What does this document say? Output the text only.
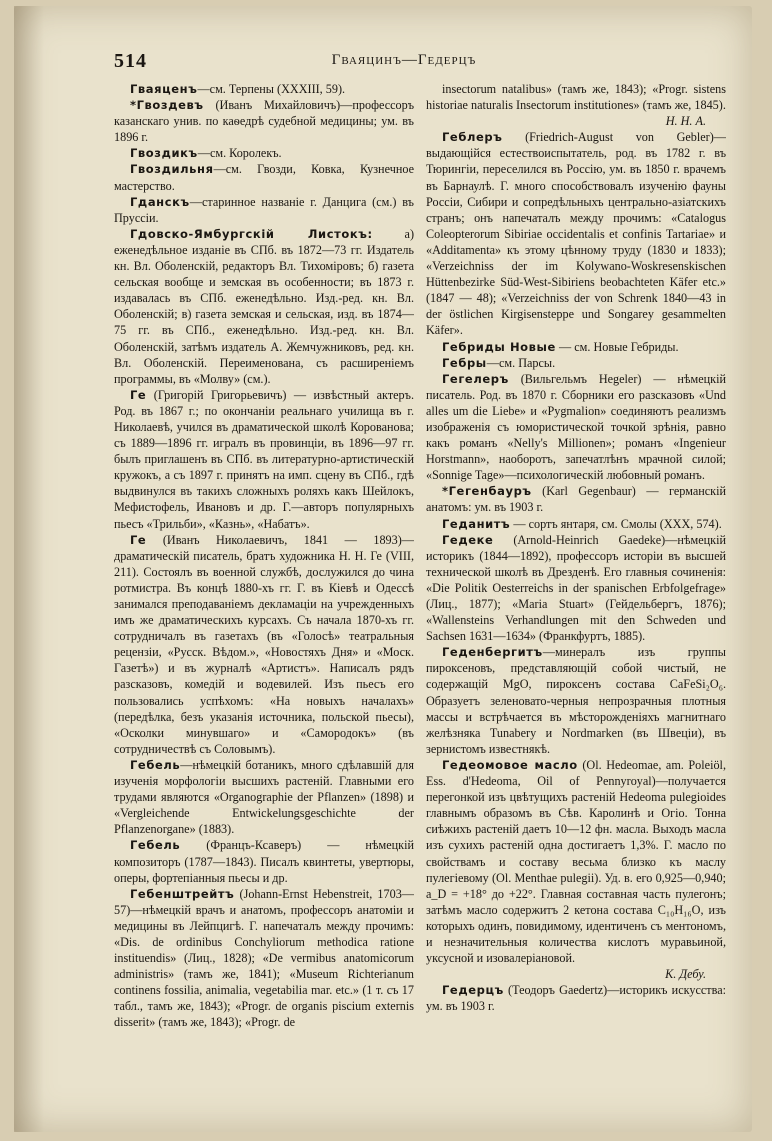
514	Гваяцинъ—Гедерцъ

Гваяценъ—см. Терпены (XXXIII, 59).

*Гвоздевъ (Иванъ Михайловичъ)—профессоръ казанскаго унив. по каѳедрѣ судебной медицины; ум. въ 1896 г.

Гвоздикъ—см. Королекъ.

Гвоздильня—см. Гвозди, Ковка, Кузнечное мастерство.

Гданскъ—старинное названіе г. Данцига (см.) въ Пруссіи.

Гдовско-Ямбургскій Листокъ: а) еженедѣльное изданіе въ СПб. въ 1872—73 гг. Издатель кн. Вл. Оболенскій, редакторъ Вл. Тихоміровъ; б) газета сельская вообще и земская въ особенности; въ 1873 г. издавалась въ СПб. еженедѣльно. Изд.-ред. кн. Вл. Оболенскій; в) газета земская и сельская, изд. въ 1874—75 гг. въ СПб., еженедѣльно. Изд.-ред. кн. Вл. Оболенскій, затѣмъ издатель А. Жемчужниковъ, ред. кн. Вл. Оболенскій. Переименована, съ расширеніемъ программы, въ «Молву» (см.).

Ге (Григорій Григорьевичъ) — извѣстный актеръ. Род. въ 1867 г.; по окончаніи реальнаго училища въ г. Николаевѣ, учился въ драматической школѣ Корованова; съ 1889—1896 гг. игралъ въ провинціи, въ 1896—97 гг. былъ приглашенъ въ СПб. въ литературно-артистическій кружокъ, а съ 1897 г. принятъ на имп. сцену въ СПб., гдѣ выдвинулся въ такихъ сложныхъ роляхъ какъ Шейлокъ, Мефистофель, Ивановъ и др. Г.—авторъ популярныхъ пьесъ «Трильби», «Казнь», «Набатъ».

Ге (Иванъ Николаевичъ, 1841 — 1893)— драматическій писатель, братъ художника Н. Н. Ге (VIII, 211). Состоялъ въ военной службѣ, дослужился до чина ротмистра. Въ концѣ 1880-хъ гг. Г. въ Кіевѣ и Одессѣ занимался преподаваніемъ декламаціи на учрежденныхъ имъ же драматическихъ курсахъ. Съ начала 1870-хъ гг. сотрудничалъ въ газетахъ (въ «Голосѣ» театральныя рецензіи, «Русск. Вѣдом.», «Новостяхъ Дня» и «Моск. Газетѣ») и въ журналѣ «Артистъ». Написалъ рядъ разсказовъ, комедій и водевилей. Изъ пьесъ его пользовались успѣхомъ: «На новыхъ началахъ» (передѣлка, безъ указанія источника, польской пьесы), «Осколки минувшаго» и «Самородокъ» (въ сотрудничествѣ съ Соловымъ).

Гебель—нѣмецкій ботаникъ, много сдѣлавшій для изученія морфологіи высшихъ растеній. Главными его трудами являются «Organographie der Pflanzen» (1898) и «Vergleichende Entwickelungsgeschichte der Pflanzenorgane» (1883).

Гебель (Францъ-Ксаверъ) — нѣмецкій композиторъ (1787—1843). Писалъ квинтеты, увертюры, оперы, фортепіанныя пьесы и др.

Гебенштрейтъ (Johann-Ernst Hebenstreit, 1703—57)—нѣмецкій врачъ и анатомъ, профессоръ анатоміи и медицины въ Лейпцигѣ. Г. напечаталъ между прочимъ: «Dis. de ordinibus Conchyliorum methodica ratione instituendis» (Лиц., 1828); «De vermibus anatomicorum administris» (тамъ же, 1841); «Museum Richterianum continens fossilia, animalia, vegetabilia mar. etc.» (1 т. съ 17 табл., тамъ же, 1843); «Progr. de organis piscium externis disserit» (тамъ же, 1843); «Progr. de

insectorum natalibus» (тамъ же, 1843); «Progr. sistens historiae naturalis Insectorum institutiones» (тамъ же, 1845).
Н. Н. А.

Геблеръ (Friedrich-August von Gebler)—выдающійся естествоиспытатель, род. въ 1782 г. въ Тюрингіи, переселился въ Россію, ум. въ 1850 г. врачемъ въ Барнаулѣ. Г. много способствовалъ изученію фауны Россіи, Сибири и сопредѣльныхъ центрально-азіатскихъ странъ; онъ напечаталъ между прочимъ: «Catalogus Coleopterorum Sibiriae occidentalis et confinis Tartariae» и «Additamenta» къ этому цѣнному труду (1830 и 1833); «Verzeichniss der im Kolywano-Woskresenskischen Hüttenbezirke Süd-West-Sibiriens beobachteten Käfer etc.» (1847 — 48); «Verzeichniss der von Schrenk 1840—43 in der östlichen Kirgisensteppe und Songarey gesammelten Käfer».

Гебриды Новые — см. Новые Гебриды.

Гебры—см. Парсы.

Гегелеръ (Вильгельмъ Hegeler) — нѣмецкій писатель. Род. въ 1870 г. Сборники его разсказовъ «Und alles um die Liebe» и «Pygmalion» соединяютъ реализмъ изображенія съ юмористической точкой зрѣнія, равно какъ романъ «Nelly's Millionen»; романъ «Ingenieur Horstmann», наоборотъ, запечатлѣнъ мрачной силой; «Sonnige Tage»—психологическій любовный романъ.

*Гегенбауръ (Karl Gegenbaur) — германскій анатомъ: ум. въ 1903 г.

Геданитъ — сортъ янтаря, см. Смолы (XXX, 574).

Гедеке (Arnold-Heinrich Gaedeke)—нѣмецкій историкъ (1844—1892), профессоръ исторіи въ высшей технической школѣ въ Дрезденѣ. Его главныя сочиненія: «Die Politik Oesterreichs in der spanischen Erbfolgefrage» (Лиц., 1877); «Maria Stuart» (Гейдельбергъ, 1876); «Wallensteins Verhandlungen mit den Schweden und Sachsen 1631—1634» (Франкфуртъ, 1885).

Геденбергитъ—минералъ изъ группы пироксеновъ, представляющій собой чистый, не содержащій MgO, пироксенъ состава CaFeSi₂O₆. Образуетъ зеленовато-черныя непрозрачныя плотныя массы и встрѣчается въ мѣсторожденіяхъ магнитнаго желѣзняка Tunabery и Nordmarken (въ Швеціи), въ зернистомъ известнякѣ.

Гедеомовое масло (Ol. Hedeomae, am. Poleiöl, Ess. d'Hedeoma, Oil of Pennyroyal)—получается перегонкой изъ цвѣтущихъ растеній Hedeoma pulegioides главнымъ образомъ въ Сѣв. Каролинѣ и Огіо. Тонна сиѣжихъ растеній даетъ 10—12 фн. масла. Выходъ масла изъ сухихъ растеній одна достигаетъ 1,3%. Г. масло по свойствамъ и составу весьма близко къ маслу пулегіевому (Ol. Menthae pulegii). Уд. в. его 0,925—0,940; a_D = +18° до +22°. Главная составная часть пулегонъ; затѣмъ масло содержитъ 2 кетона состава C₁₀H₁₆O, изъ которыхъ одинъ, повидимому, идентиченъ съ ментономъ, и незначительныя количества кислотъ муравьиной, уксусной и изовалеріановой.
К. Дебу.

Гедерцъ (Теодоръ Gaedertz)—историкъ искусства: ум. въ 1903 г.
